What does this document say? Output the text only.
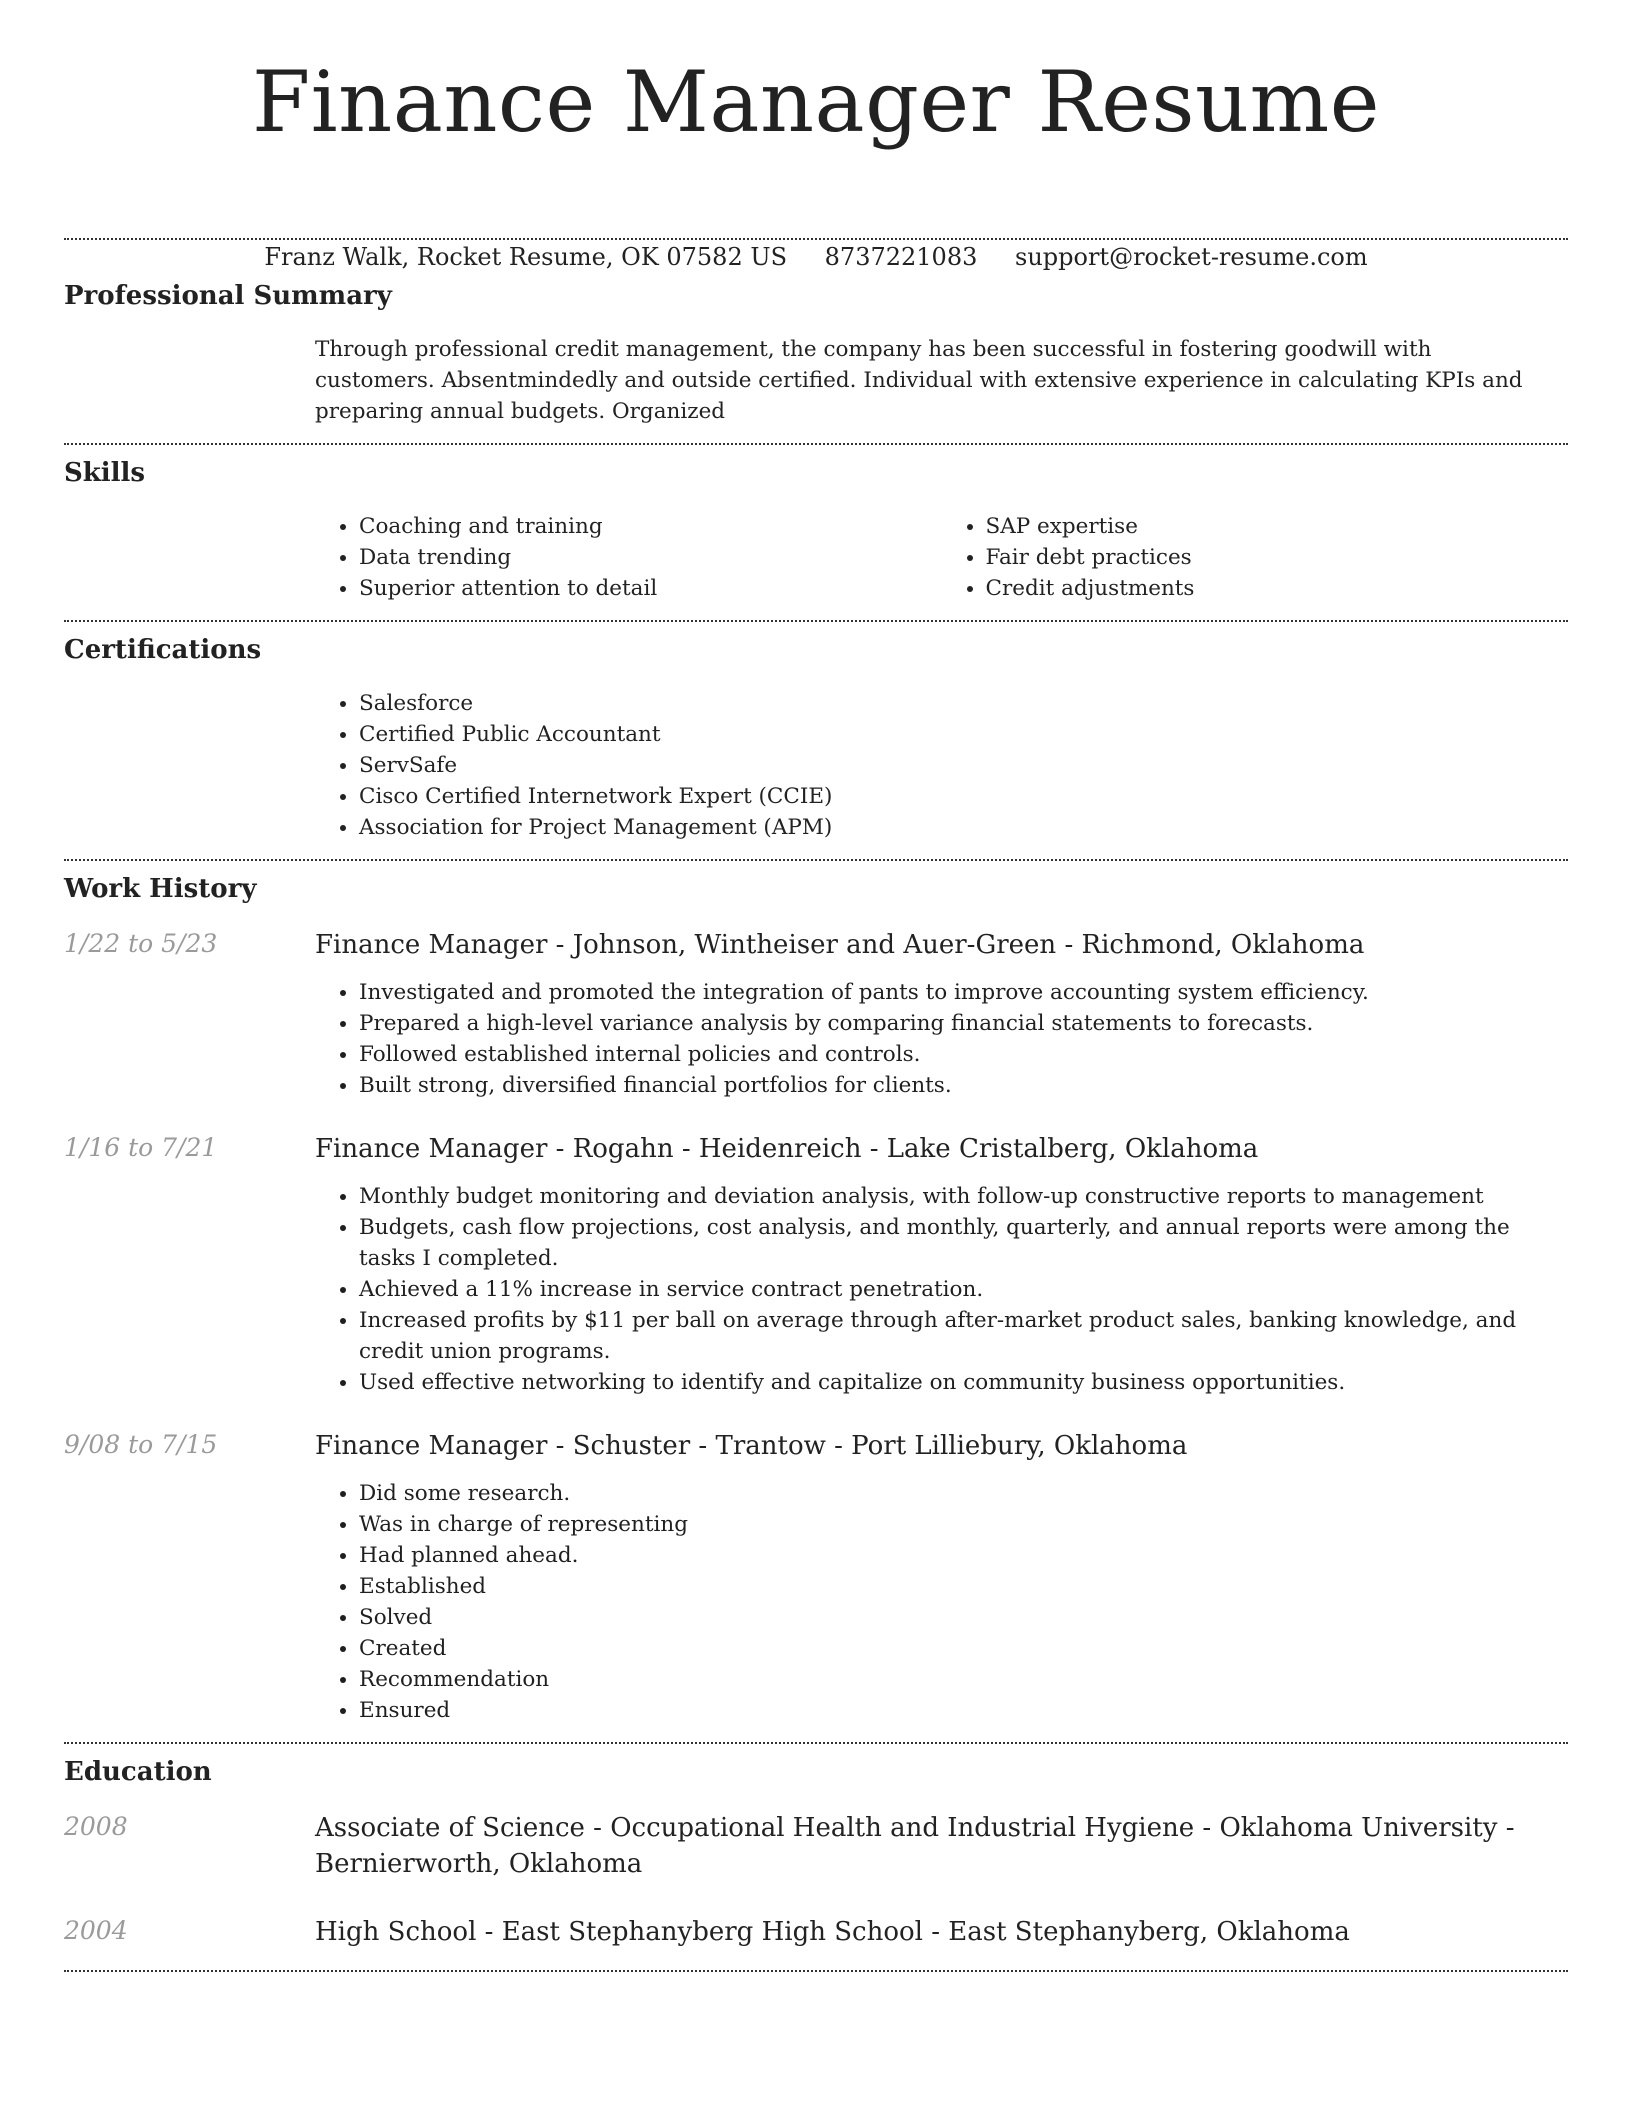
Finance Manager Resume
Franz Walk, Rocket Resume, OK 07582 US 8737221083 support@rocket-resume.com
Professional Summary
Through professional credit management, the company has been successful in fostering goodwill with customers. Absentmindedly and outside certified. Individual with extensive experience in calculating KPIs and preparing annual budgets. Organized
Skills
• Coaching and training
• Data trending
• Superior attention to detail
• SAP expertise
• Fair debt practices
• Credit adjustments
Certifications
• Salesforce
• Certified Public Accountant
• ServSafe
• Cisco Certified Internetwork Expert (CCIE)
• Association for Project Management (APM)
Work History
1/22 to 5/23	Finance Manager - Johnson, Wintheiser and Auer-Green - Richmond, Oklahoma
• Investigated and promoted the integration of pants to improve accounting system efficiency.
• Prepared a high-level variance analysis by comparing financial statements to forecasts.
• Followed established internal policies and controls.
• Built strong, diversified financial portfolios for clients.
1/16 to 7/21	Finance Manager - Rogahn - Heidenreich - Lake Cristalberg, Oklahoma
• Monthly budget monitoring and deviation analysis, with follow-up constructive reports to management
• Budgets, cash flow projections, cost analysis, and monthly, quarterly, and annual reports were among the tasks I completed.
• Achieved a 11% increase in service contract penetration.
• Increased profits by $11 per ball on average through after-market product sales, banking knowledge, and credit union programs.
• Used effective networking to identify and capitalize on community business opportunities.
9/08 to 7/15	Finance Manager - Schuster - Trantow - Port Lilliebury, Oklahoma
• Did some research.
• Was in charge of representing
• Had planned ahead.
• Established
• Solved
• Created
• Recommendation
• Ensured
Education
2008	Associate of Science - Occupational Health and Industrial Hygiene - Oklahoma University - Bernierworth, Oklahoma
2004	High School - East Stephanyberg High School - East Stephanyberg, Oklahoma
